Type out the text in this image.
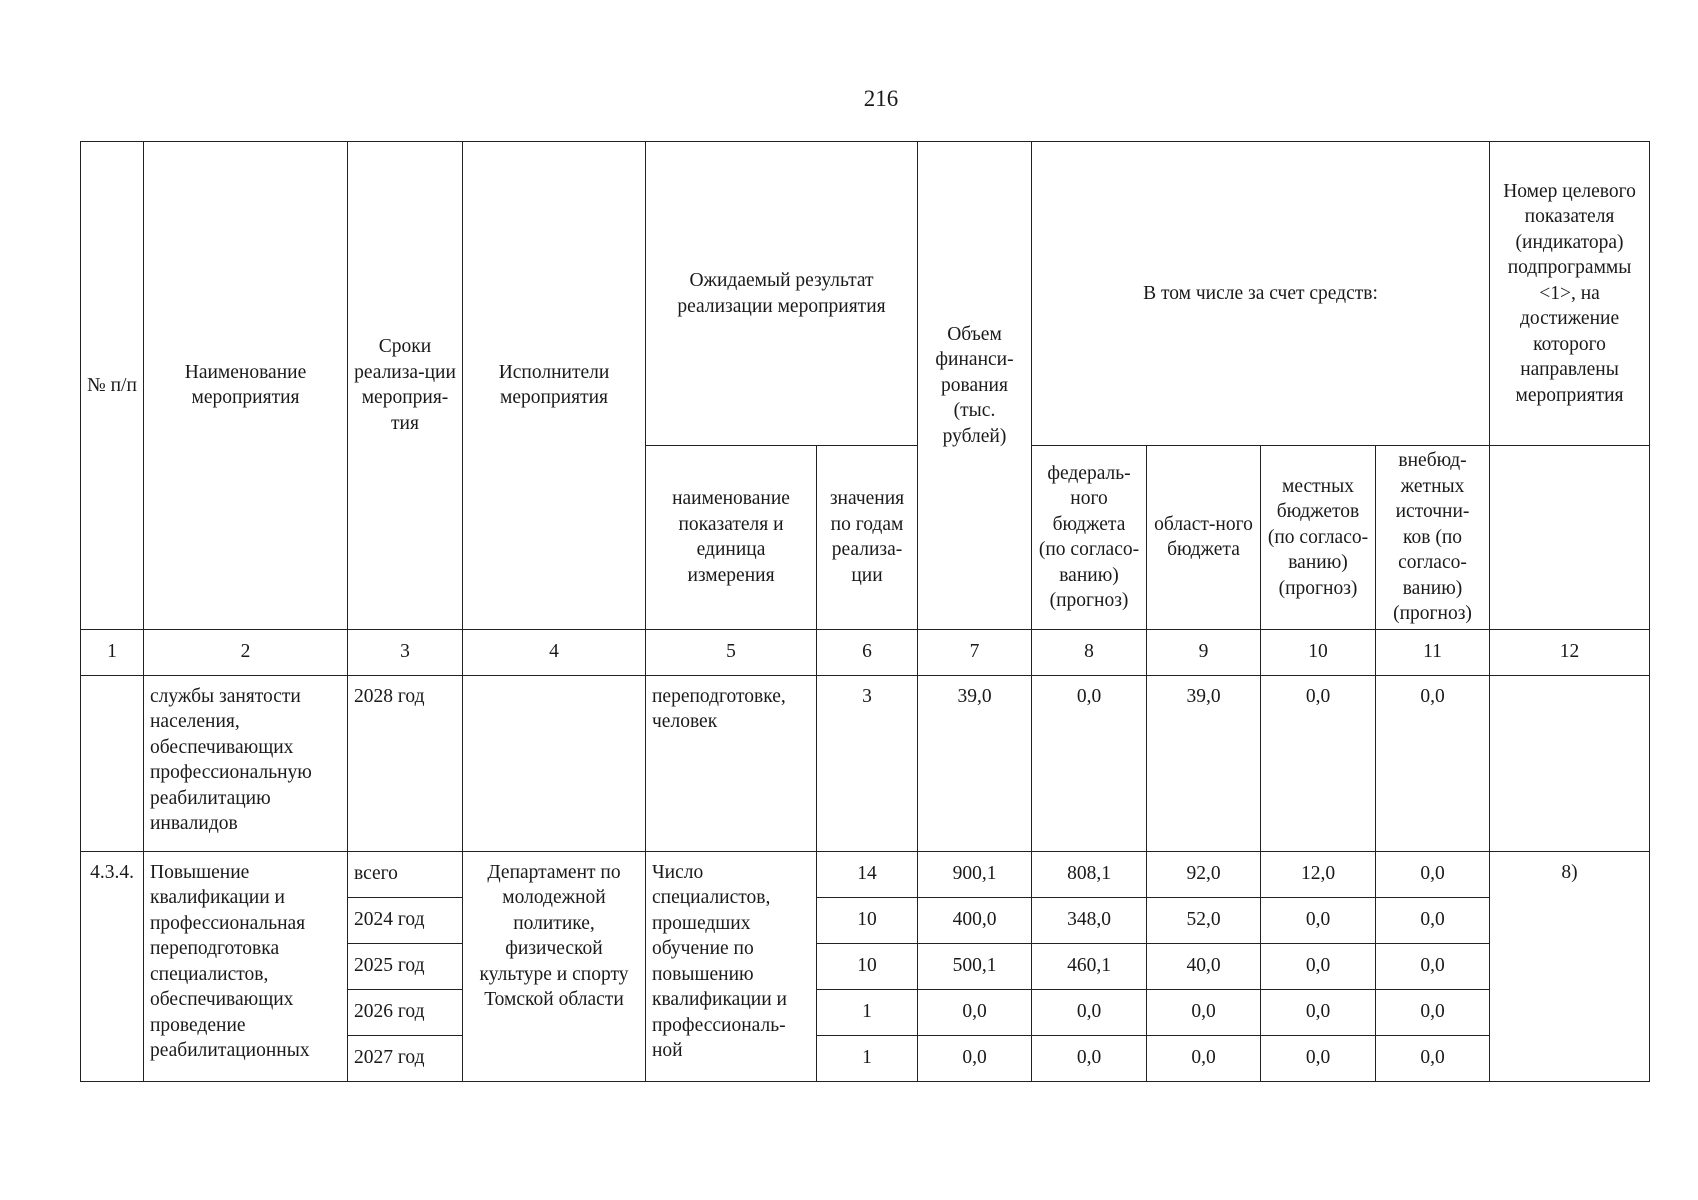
216
№ п/п	Наименование мероприятия	Сроки реализа-ции мероприя-тия	Исполнители мероприятия	Ожидаемый результат реализации мероприятия		Объем финанси-рования (тыс. рублей)	В том числе за счет средств:				Номер целевого показателя (индикатора) подпрограммы <1>, на достижение которого направлены мероприятия
				наименование показателя и единица измерения	значения по годам реализа-ции		федераль-ного бюджета (по согласо-ванию) (прогноз)	област-ного бюджета	местных бюджетов (по согласо-ванию) (прогноз)	внебюд-жетных источни-ков (по согласо-ванию) (прогноз)	
1	2	3	4	5	6	7	8	9	10	11	12
	службы занятости населения, обеспечивающих профессиональную реабилитацию инвалидов	2028 год		переподготовке, человек	3	39,0	0,0	39,0	0,0	0,0	
4.3.4.	Повышение квалификации и профессиональная переподготовка специалистов, обеспечивающих проведение реабилитационных	всего	Департамент по молодежной политике, физической культуре и спорту Томской области	Число специалистов, прошедших обучение по повышению квалификации и профессиональ-ной	14	900,1	808,1	92,0	12,0	0,0	8)
		2024 год			10	400,0	348,0	52,0	0,0	0,0	
		2025 год			10	500,1	460,1	40,0	0,0	0,0	
		2026 год			1	0,0	0,0	0,0	0,0	0,0	
		2027 год			1	0,0	0,0	0,0	0,0	0,0	
